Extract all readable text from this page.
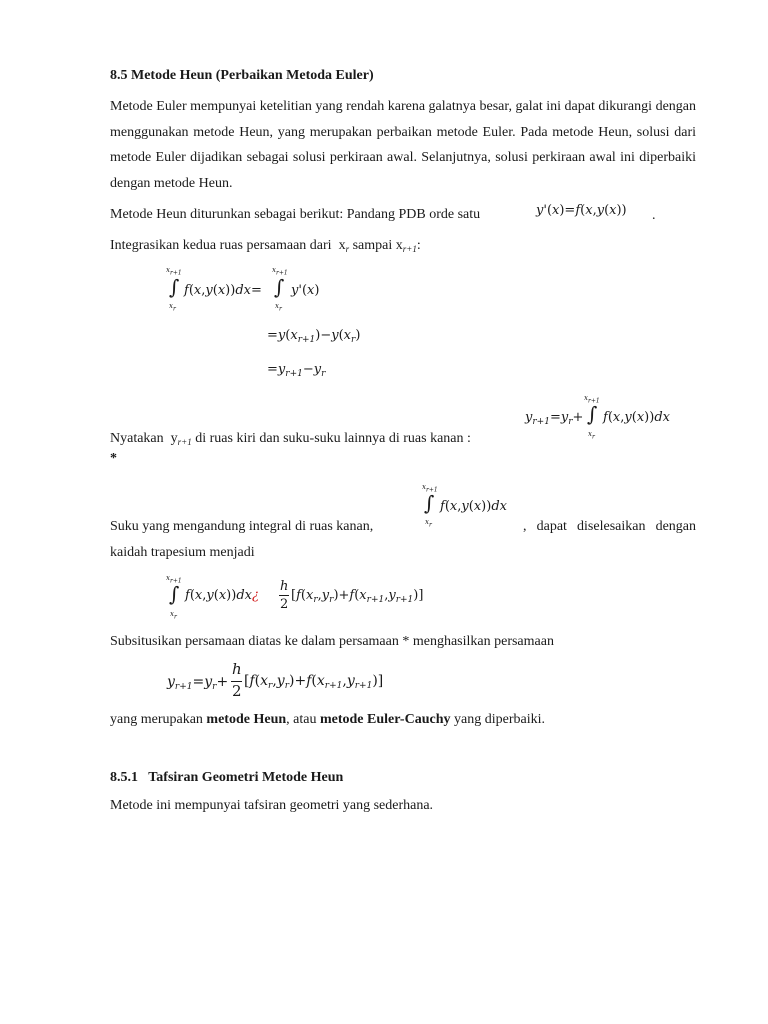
8.5 Metode Heun (Perbaikan Metoda Euler)
Metode Euler mempunyai ketelitian yang rendah karena galatnya besar, galat ini dapat dikurangi dengan menggunakan metode Heun, yang merupakan perbaikan metode Euler. Pada metode Heun, solusi dari metode Euler dijadikan sebagai solusi perkiraan awal. Selanjutnya, solusi perkiraan awal ini diperbaiki dengan metode Heun.
Metode Heun diturunkan sebagai berikut: Pandang PDB orde satu	y'(x)=f(x,y(x)) .
Integrasikan kedua ruas persamaan dari $x_r$ sampai $x_{r+1}$:
$x_{r+1}$
∫
$x_r$
f(x,y(x))dx=
$x_{r+1}$
∫
$x_r$
y'(x)
$=y(x_{r+1})-y(x_r)$
$=y_{r+1}-y_r$
$y_{r+1}=y_r+$
$x_{r+1}$
∫
$x_r$
f(x,y(x))dx
Nyatakan $y_{r+1}$ di ruas kiri dan suku-suku lainnya di ruas kanan :
*
$x_{r+1}$
∫
$x_r$
f(x,y(x))dx
Suku yang mengandung integral di ruas kanan,	, dapat diselesaikan dengan
kaidah trapesium menjadi
$x_{r+1}$
∫
$x_r$
f(x,y(x))dx¿
h
2
$[f(x_r,y_r)+f(x_{r+1},y_{r+1})]$
Subsitusikan persamaan diatas ke dalam persamaan * menghasilkan persamaan
$y_{r+1}=y_r+$
h
2
$[f(x_r,y_r)+f(x_{r+1},y_{r+1})]$
yang merupakan metode Heun, atau metode Euler-Cauchy yang diperbaiki.
8.5.1   Tafsiran Geometri Metode Heun
Metode ini mempunyai tafsiran geometri yang sederhana.
